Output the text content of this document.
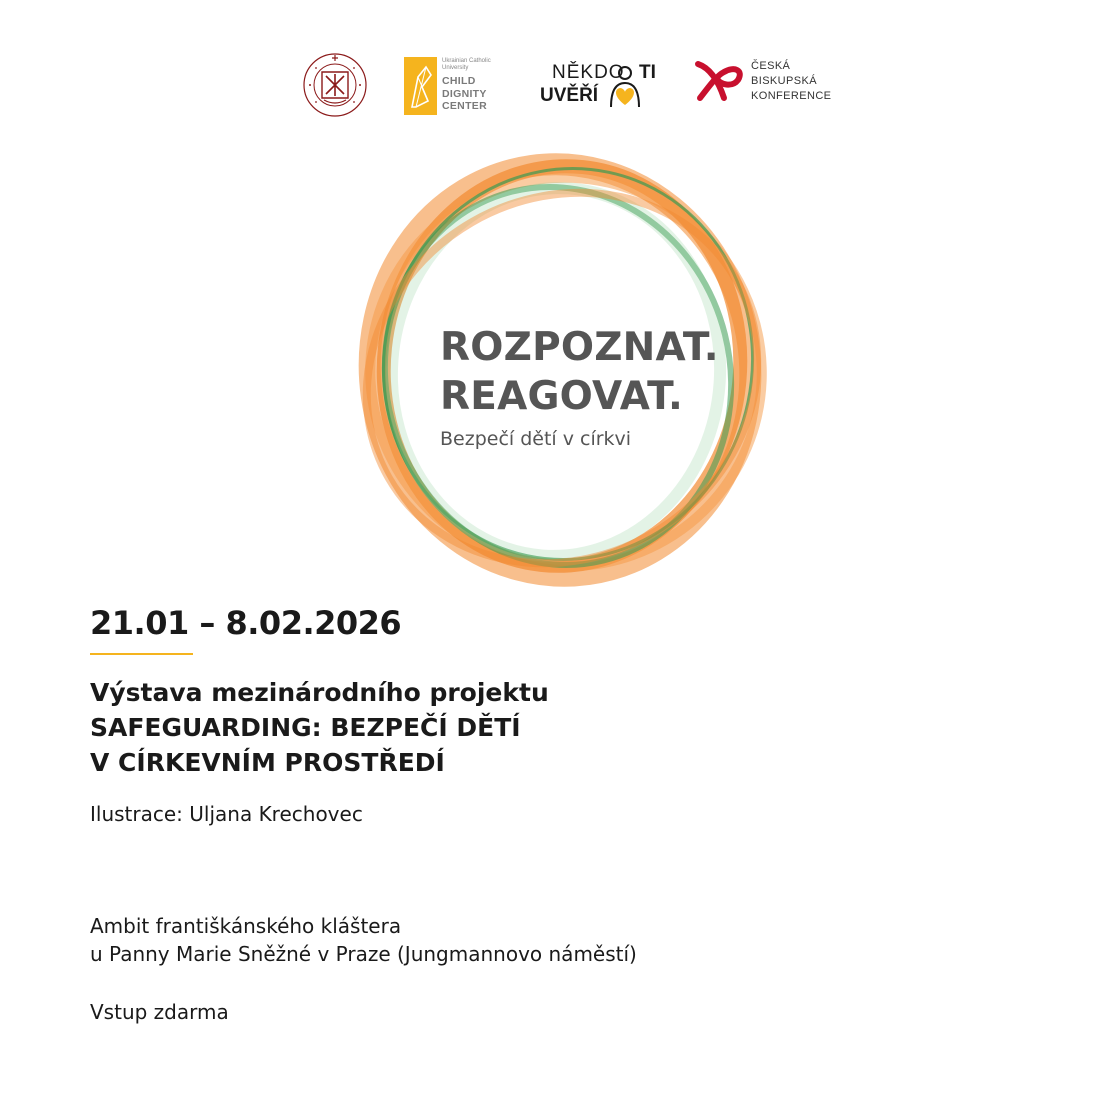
Ukrainian Catholic
University
CHILD
DIGNITY
CENTER
NĚKDO TI
UVĚŘÍ
ČESKÁ
BISKUPSKÁ
KONFERENCE
ROZPOZNAT.
REAGOVAT.
Bezpečí dětí v církvi
21.01 – 8.02.2026
Výstava mezinárodního projektu
SAFEGUARDING: BEZPEČÍ DĚTÍ
V CÍRKEVNÍM PROSTŘEDÍ
Ilustrace: Uljana Krechovec
Ambit františkánského kláštera
u Panny Marie Sněžné v Praze (Jungmannovo náměstí)
Vstup zdarma
